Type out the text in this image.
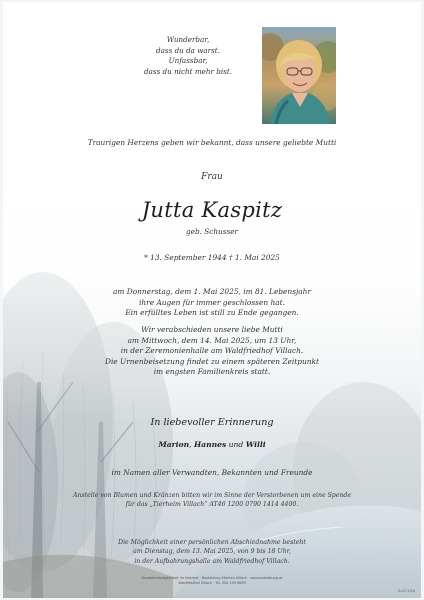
Wunderbar,
dass du da warst.
Unfassbar,
dass du nicht mehr bist.
Traurigen Herzens geben wir bekannt, dass unsere geliebte Mutti
Frau
Jutta Kaspitz
geb. Schusser
* 13. September 1944 † 1. Mai 2025
am Donnerstag, dem 1. Mai 2025, im 81. Lebensjahr
ihre Augen für immer geschlossen hat.
Ein erfülltes Leben ist still zu Ende gegangen.
Wir verabschieden unsere liebe Mutti
am Mittwoch, dem 14. Mai 2025, um 13 Uhr,
in der Zeremonienhalle am Waldfriedhof Villach.
Die Urnenbeisetzung findet zu einem späteren Zeitpunkt
im engsten Familienkreis statt.
In liebevoller Erinnerung
Marion, Hannes und Willi
im Namen aller Verwandten, Bekannten und Freunde
Anstelle von Blumen und Kränzen bitten wir im Sinne der Verstorbenen um eine Spende
für das „Tierheim Villach“ AT46 1200 0790 1414 4400.
Die Möglichkeit einer persönlichen Abschiednahme besteht
am Dienstag, dem 13. Mai 2025, von 9 bis 18 Uhr,
in der Aufbahrungshalle am Waldfriedhof Villach.
Kondolenzmöglichkeit im Internet · Bestattung Kärnten Villach · www.bestattung.at
Waldfriedhof Villach · Tel. 050 199 6699
B-07-5/16
